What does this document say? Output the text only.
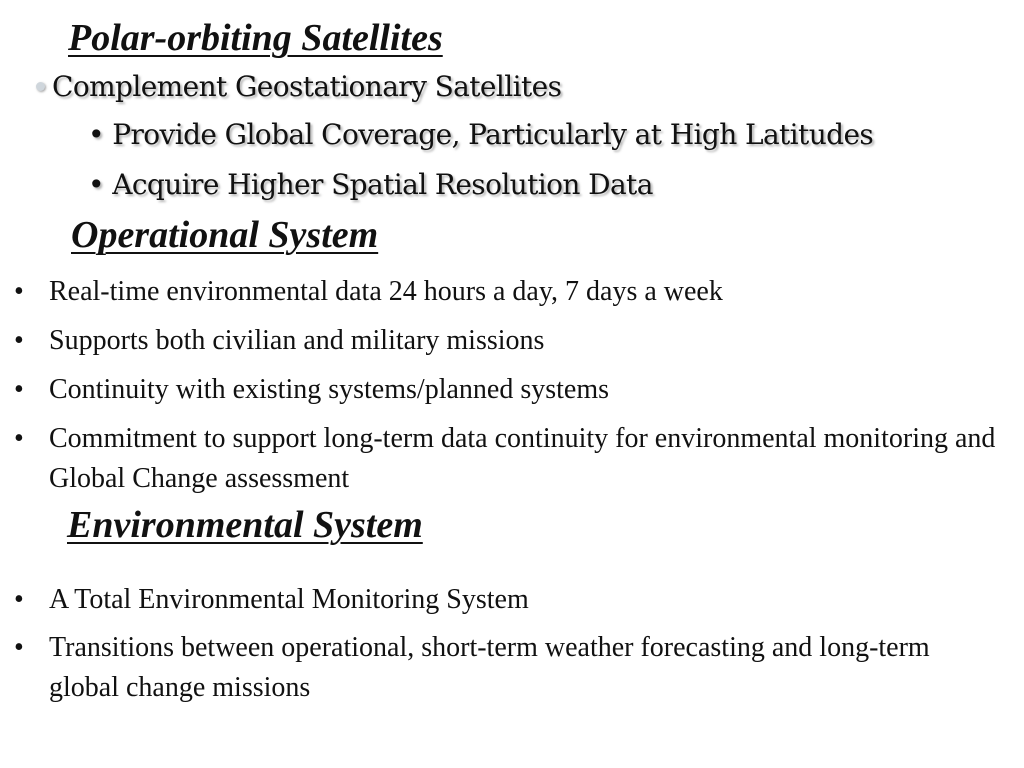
Polar-orbiting Satellites
Complement Geostationary Satellites
• Provide Global Coverage, Particularly at High Latitudes
• Acquire Higher Spatial Resolution Data
Operational System
• Real-time environmental data 24 hours a day, 7 days a week
• Supports both civilian and military missions
• Continuity with existing systems/planned systems
• Commitment to support long-term data continuity for environmental monitoring and Global Change assessment
Environmental System
• A Total Environmental Monitoring System
• Transitions between operational, short-term weather forecasting and long-term global change missions
